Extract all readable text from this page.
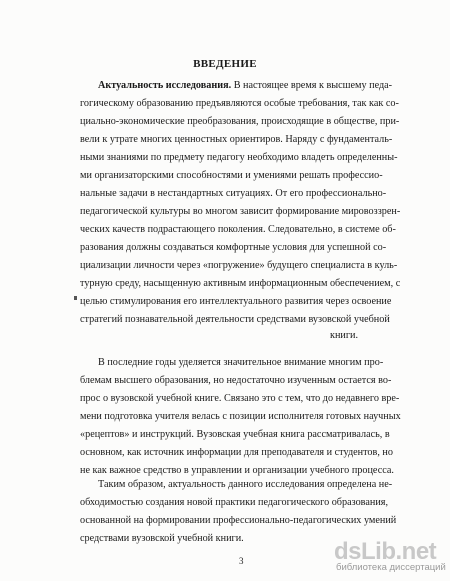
ВВЕДЕНИЕ
Актуальность исследования. В настоящее время к высшему педа-
гогическому образованию предъявляются особые требования, так как со-
циально-экономические преобразования, происходящие в обществе, при-
вели к утрате многих ценностных ориентиров. Наряду с фундаменталь-
ными знаниями по предмету педагогу необходимо владеть определенны-
ми организаторскими способностями и умениями решать профессио-
нальные задачи в нестандартных ситуациях. От его профессионально-
педагогической культуры во многом зависит формирование мировоззрен-
ческих качеств подрастающего поколения. Следовательно, в системе об-
разования должны создаваться комфортные условия для успешной со-
циализации личности через «погружение» будущего специалиста в куль-
турную среду, насыщенную активным информационным обеспечением, с
целью стимулирования его интеллектуального развития через освоение
стратегий познавательной деятельности средствами вузовской учебной
книги.
В последние годы уделяется значительное внимание многим про-
блемам высшего образования, но недостаточно изученным остается во-
прос о вузовской учебной книге. Связано это с тем, что до недавнего вре-
мени подготовка учителя велась с позиции исполнителя готовых научных
«рецептов» и инструкций. Вузовская учебная книга рассматривалась, в
основном, как источник информации для преподавателя и студентов, но
не как важное средство в управлении и организации учебного процесса.
Таким образом, актуальность данного исследования определена не-
обходимостью создания новой практики педагогического образования,
основанной на формировании профессионально-педагогических умений
средствами вузовской учебной книги.
3	dsLib.net
библиотека диссертаций
